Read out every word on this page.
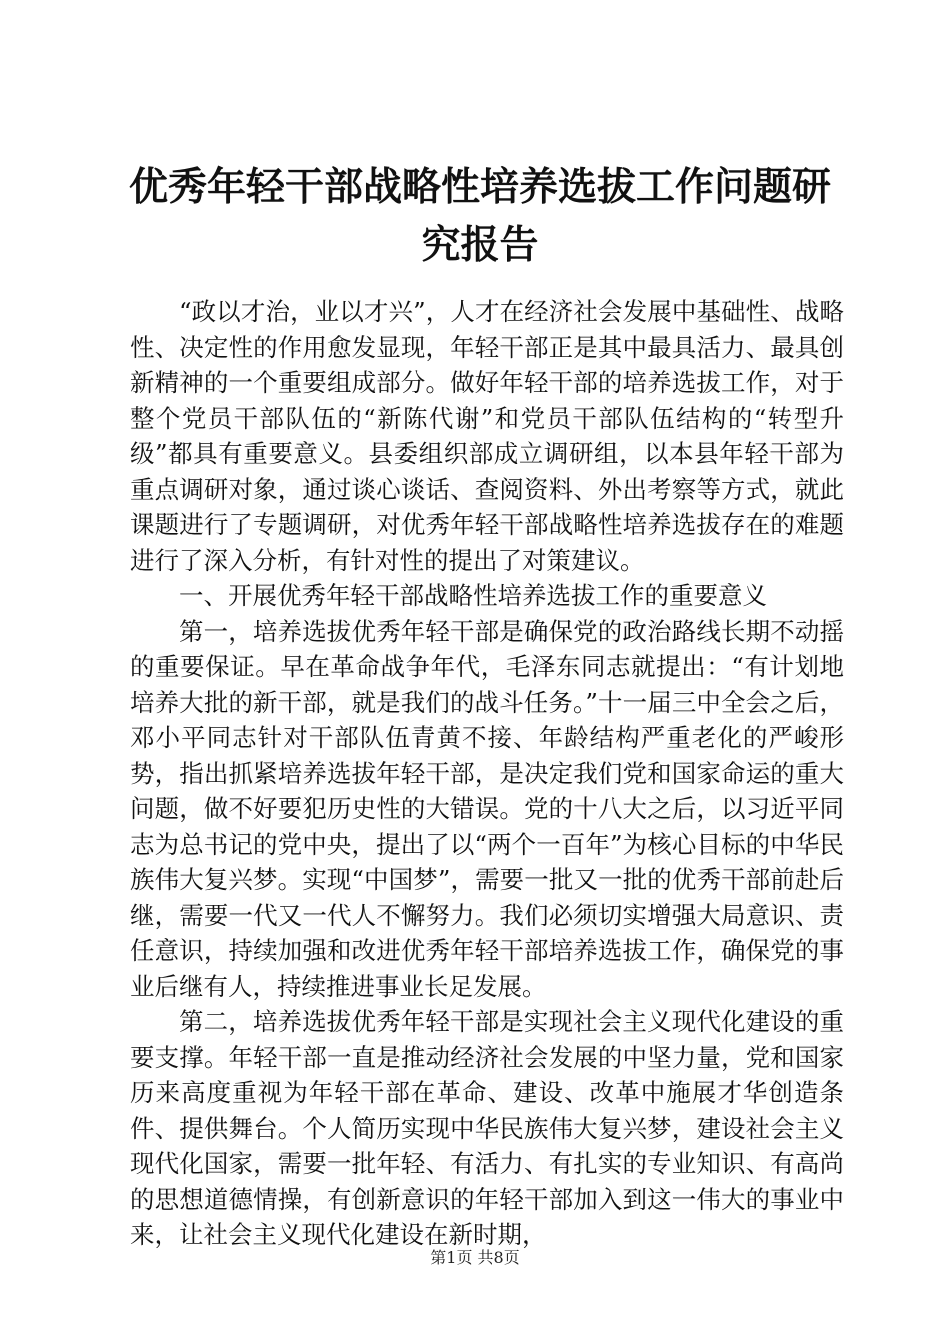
优秀年轻干部战略性培养选拔工作问题研究报告

“政以才治，业以才兴”，人才在经济社会发展中基础性、战略性、决定性的作用愈发显现，年轻干部正是其中最具活力、最具创新精神的一个重要组成部分。做好年轻干部的培养选拔工作，对于整个党员干部队伍的“新陈代谢”和党员干部队伍结构的“转型升级”都具有重要意义。县委组织部成立调研组，以本县年轻干部为重点调研对象，通过谈心谈话、查阅资料、外出考察等方式，就此课题进行了专题调研，对优秀年轻干部战略性培养选拔存在的难题进行了深入分析，有针对性的提出了对策建议。

一、开展优秀年轻干部战略性培养选拔工作的重要意义

第一，培养选拔优秀年轻干部是确保党的政治路线长期不动摇的重要保证。早在革命战争年代，毛泽东同志就提出：“有计划地培养大批的新干部，就是我们的战斗任务。”十一届三中全会之后，邓小平同志针对干部队伍青黄不接、年龄结构严重老化的严峻形势，指出抓紧培养选拔年轻干部，是决定我们党和国家命运的重大问题，做不好要犯历史性的大错误。党的十八大之后，以习近平同志为总书记的党中央，提出了以“两个一百年”为核心目标的中华民族伟大复兴梦。实现“中国梦”，需要一批又一批的优秀干部前赴后继，需要一代又一代人不懈努力。我们必须切实增强大局意识、责任意识，持续加强和改进优秀年轻干部培养选拔工作，确保党的事业后继有人，持续推进事业长足发展。

第二，培养选拔优秀年轻干部是实现社会主义现代化建设的重要支撑。年轻干部一直是推动经济社会发展的中坚力量，党和国家历来高度重视为年轻干部在革命、建设、改革中施展才华创造条件、提供舞台。个人简历实现中华民族伟大复兴梦，建设社会主义现代化国家，需要一批年轻、有活力、有扎实的专业知识、有高尚的思想道德情操，有创新意识的年轻干部加入到这一伟大的事业中来，让社会主义现代化建设在新时期，

第1页 共8页
